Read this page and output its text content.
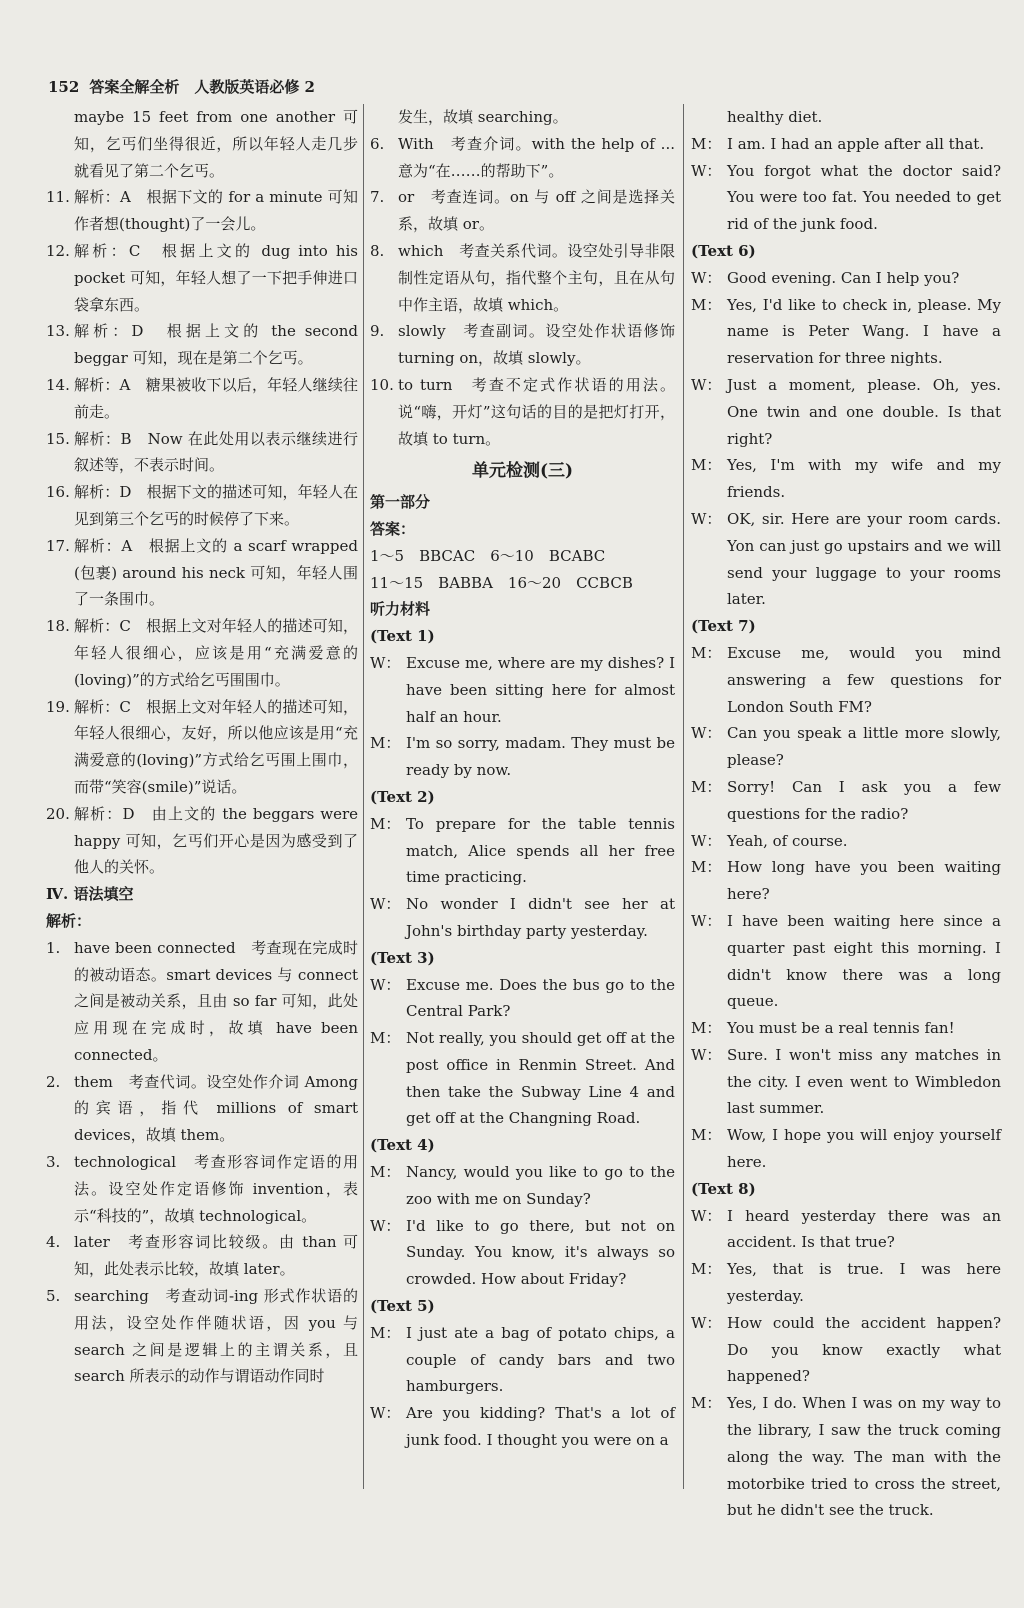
152 答案全解全析　人教版英语必修 2
maybe 15 feet from one another 可知，乞丐们坐得很近，所以年轻人走几步就看见了第二个乞丐。
11. 解析：A　根据下文的 for a minute 可知作者想(thought)了一会儿。
12. 解析：C　根据上文的 dug into his pocket 可知，年轻人想了一下把手伸进口袋拿东西。
13. 解析：D　根据上文的 the second beggar 可知，现在是第二个乞丐。
14. 解析：A　糖果被收下以后，年轻人继续往前走。
15. 解析：B　Now 在此处用以表示继续进行叙述等，不表示时间。
16. 解析：D　根据下文的描述可知，年轻人在见到第三个乞丐的时候停了下来。
17. 解析：A　根据上文的 a scarf wrapped (包裹) around his neck 可知，年轻人围了一条围巾。
18. 解析：C　根据上文对年轻人的描述可知，年轻人很细心，应该是用“充满爱意的(loving)”的方式给乞丐围围巾。
19. 解析：C　根据上文对年轻人的描述可知，年轻人很细心，友好，所以他应该是用“充满爱意的(loving)”方式给乞丐围上围巾，而带“笑容(smile)”说话。
20. 解析：D　由上文的 the beggars were happy 可知，乞丐们开心是因为感受到了他人的关怀。
Ⅳ. 语法填空
解析：
1. have been connected　考查现在完成时的被动语态。smart devices 与 connect 之间是被动关系，且由 so far 可知，此处应用现在完成时，故填 have been connected。
2. them　考查代词。设空处作介词 Among 的宾语，指代 millions of smart devices，故填 them。
3. technological　考查形容词作定语的用法。设空处作定语修饰 invention，表示“科技的”，故填 technological。
4. later　考查形容词比较级。由 than 可知，此处表示比较，故填 later。
5. searching　考查动词-ing 形式作状语的用法，设空处作伴随状语，因 you 与 search 之间是逻辑上的主谓关系，且 search 所表示的动作与谓语动作同时
发生，故填 searching。
6. With　考查介词。with the help of ... 意为“在……的帮助下”。
7. or　考查连词。on 与 off 之间是选择关系，故填 or。
8. which　考查关系代词。设空处引导非限制性定语从句，指代整个主句，且在从句中作主语，故填 which。
9. slowly　考查副词。设空处作状语修饰 turning on，故填 slowly。
10. to turn　考查不定式作状语的用法。说“嗨，开灯”这句话的目的是把灯打开，故填 to turn。
单元检测(三)
第一部分
答案：
1～5　BBCAC　6～10　BCABC
11～15　BABBA　16～20　CCBCB
听力材料
(Text 1)
W： Excuse me, where are my dishes? I have been sitting here for almost half an hour.
M： I'm so sorry, madam. They must be ready by now.
(Text 2)
M： To prepare for the table tennis match, Alice spends all her free time practicing.
W： No wonder I didn't see her at John's birthday party yesterday.
(Text 3)
W： Excuse me. Does the bus go to the Central Park?
M： Not really, you should get off at the post office in Renmin Street. And then take the Subway Line 4 and get off at the Changning Road.
(Text 4)
M： Nancy, would you like to go to the zoo with me on Sunday?
W： I'd like to go there, but not on Sunday. You know, it's always so crowded. How about Friday?
(Text 5)
M： I just ate a bag of potato chips, a couple of candy bars and two hamburgers.
W： Are you kidding? That's a lot of junk food. I thought you were on a
healthy diet.
M： I am. I had an apple after all that.
W： You forgot what the doctor said? You were too fat. You needed to get rid of the junk food.
(Text 6)
W： Good evening. Can I help you?
M： Yes, I'd like to check in, please. My name is Peter Wang. I have a reservation for three nights.
W： Just a moment, please. Oh, yes. One twin and one double. Is that right?
M： Yes, I'm with my wife and my friends.
W： OK, sir. Here are your room cards. Yon can just go upstairs and we will send your luggage to your rooms later.
(Text 7)
M： Excuse me, would you mind answering a few questions for London South FM?
W： Can you speak a little more slowly, please?
M： Sorry! Can I ask you a few questions for the radio?
W： Yeah, of course.
M： How long have you been waiting here?
W： I have been waiting here since a quarter past eight this morning. I didn't know there was a long queue.
M： You must be a real tennis fan!
W： Sure. I won't miss any matches in the city. I even went to Wimbledon last summer.
M： Wow, I hope you will enjoy yourself here.
(Text 8)
W： I heard yesterday there was an accident. Is that true?
M： Yes, that is true. I was here yesterday.
W： How could the accident happen? Do you know exactly what happened?
M： Yes, I do. When I was on my way to the library, I saw the truck coming along the way. The man with the motorbike tried to cross the street, but he didn't see the truck.
